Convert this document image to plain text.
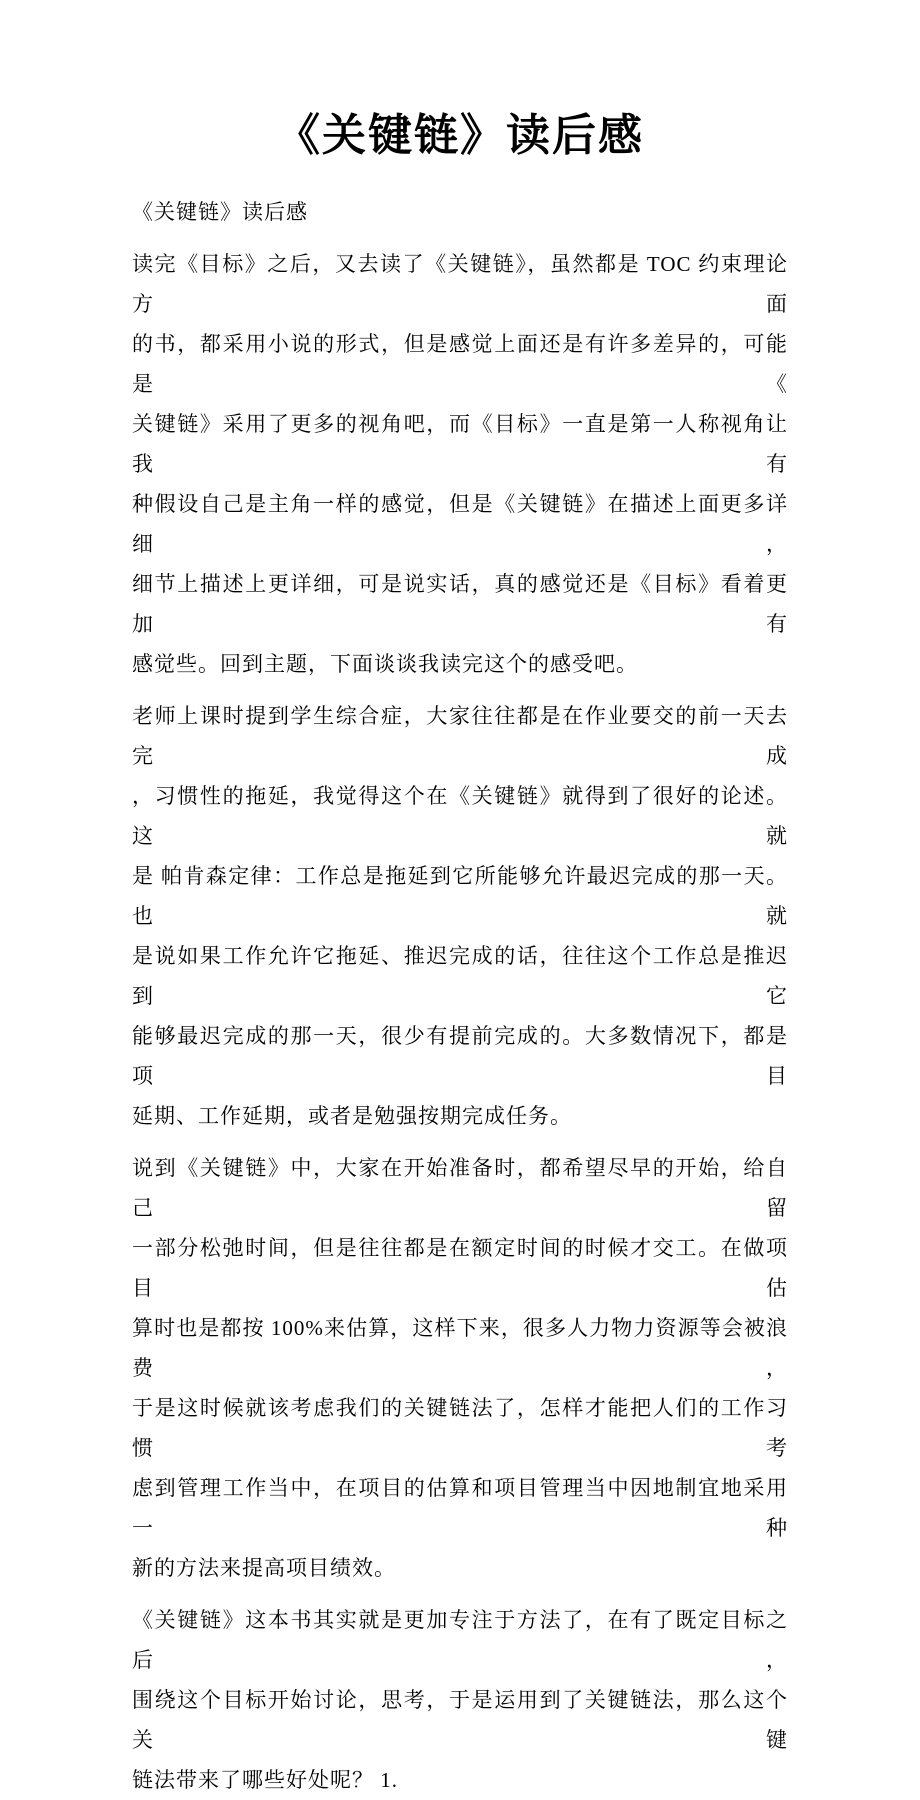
《关键链》读后感
《关键链》读后感
读完《目标》之后，又去读了《关键链》，虽然都是 TOC 约束理论方面
的书，都采用小说的形式，但是感觉上面还是有许多差异的，可能是《
关键链》采用了更多的视角吧，而《目标》一直是第一人称视角让我有
种假设自己是主角一样的感觉，但是《关键链》在描述上面更多详细，
细节上描述上更详细，可是说实话，真的感觉还是《目标》看着更加有
感觉些。回到主题，下面谈谈我读完这个的感受吧。
老师上课时提到学生综合症，大家往往都是在作业要交的前一天去完成
，习惯性的拖延，我觉得这个在《关键链》就得到了很好的论述。这就
是 帕肯森定律：工作总是拖延到它所能够允许最迟完成的那一天。也就
是说如果工作允许它拖延、推迟完成的话，往往这个工作总是推迟到它
能够最迟完成的那一天，很少有提前完成的。大多数情况下，都是项目
延期、工作延期，或者是勉强按期完成任务。
说到《关键链》中，大家在开始准备时，都希望尽早的开始，给自己留
一部分松弛时间，但是往往都是在额定时间的时候才交工。在做项目估
算时也是都按 100%来估算，这样下来，很多人力物力资源等会被浪费，
于是这时候就该考虑我们的关键链法了，怎样才能把人们的工作习惯考
虑到管理工作当中，在项目的估算和项目管理当中因地制宜地采用一种
新的方法来提高项目绩效。
《关键链》这本书其实就是更加专注于方法了，在有了既定目标之后，
围绕这个目标开始讨论，思考，于是运用到了关键链法，那么这个关键
链法带来了哪些好处呢？ 1.
